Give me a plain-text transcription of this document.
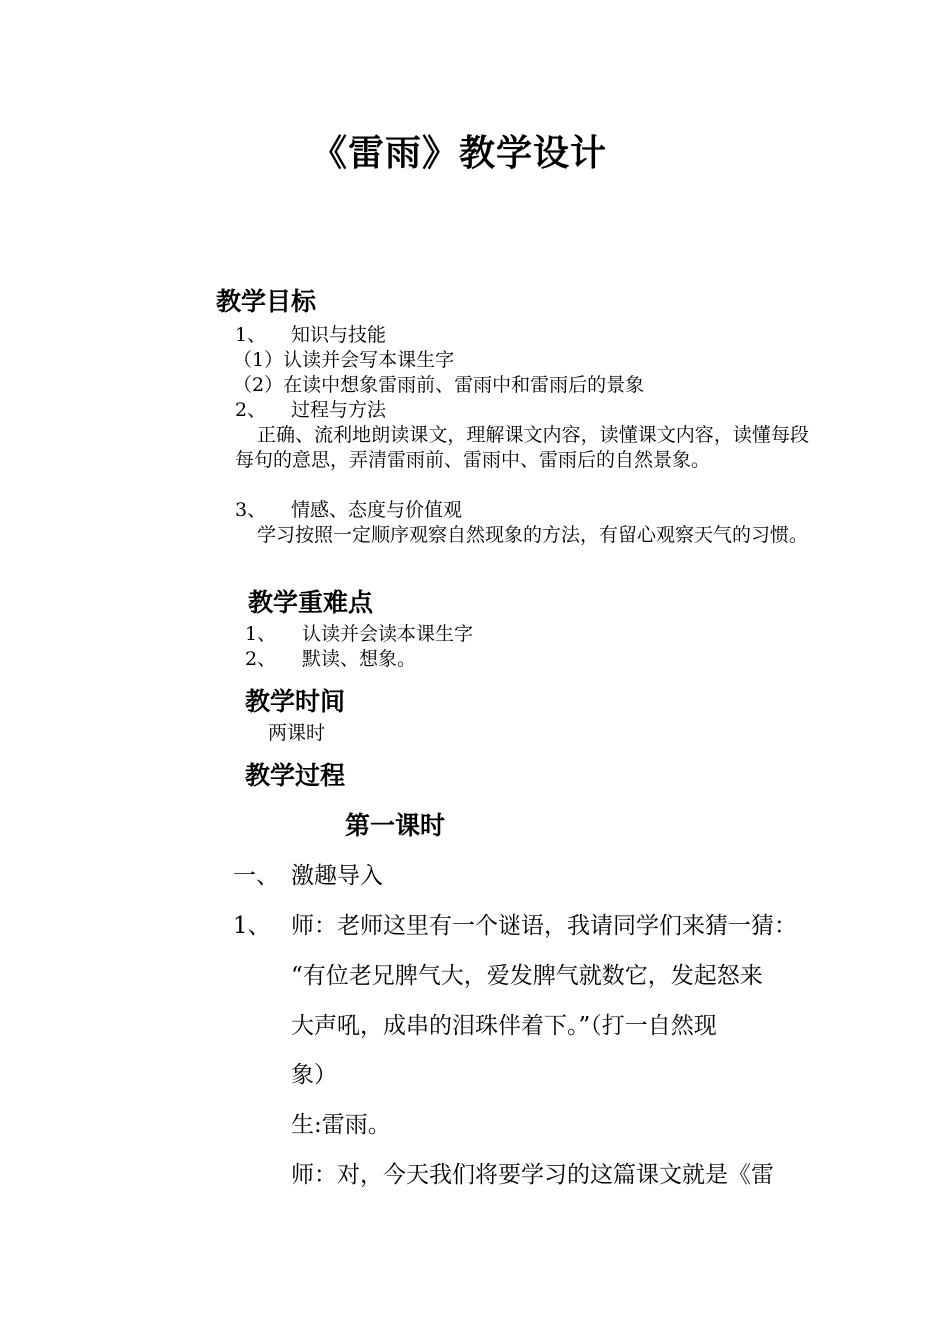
《雷雨》教学设计
教学目标
1、 知识与技能
（1）认读并会写本课生字
（2）在读中想象雷雨前、雷雨中和雷雨后的景象
2、 过程与方法
正确、流利地朗读课文，理解课文内容，读懂课文内容，读懂每段每句的意思，弄清雷雨前、雷雨中、雷雨后的自然景象。
3、 情感、态度与价值观
学习按照一定顺序观察自然现象的方法，有留心观察天气的习惯。
教学重难点
1、 认读并会读本课生字
2、 默读、想象。
教学时间
两课时
教学过程
第一课时
一、 激趣导入
1、 师：老师这里有一个谜语，我请同学们来猜一猜：
“有位老兄脾气大，爱发脾气就数它，发起怒来
大声吼，成串的泪珠伴着下。”（打一自然现
象）
生:雷雨。
师：对，今天我们将要学习的这篇课文就是《雷
